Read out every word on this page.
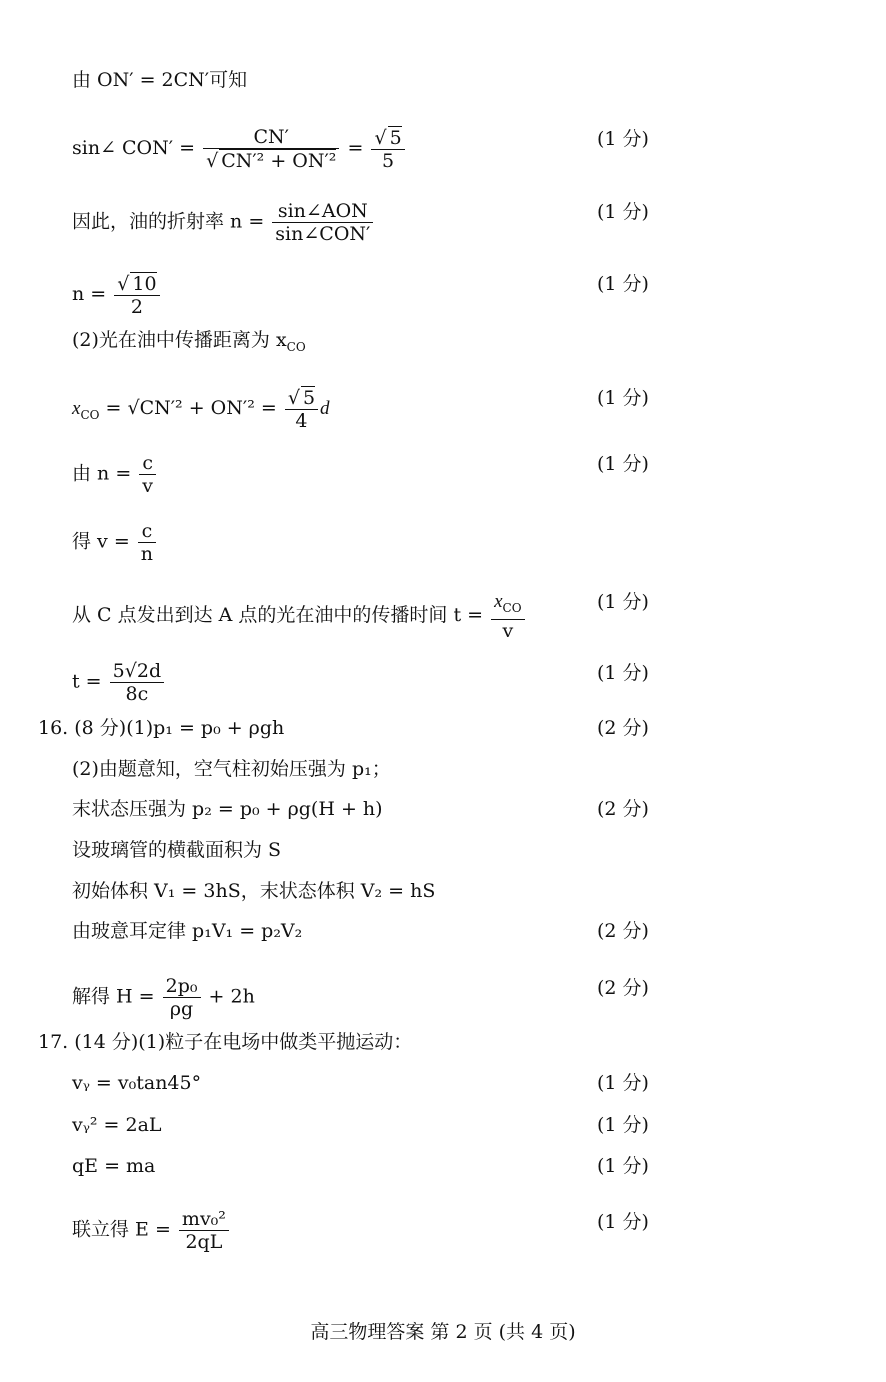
由 ON′ = 2CN′可知
sin∠ $CON' = \frac{CN'}{\text{√ CN′² + ON′²}} = \frac{√ 5}{5}$	(1 分)
因此，油的折射率 $n = \frac{\text{sin∠AON}}{\text{sin∠CON′}}$	(1 分)
$n = \frac{√ 10}{2}$	(1 分)
(2)光在油中传播距离为 $x_{CO}$
$x_{CO} = √CN'^2 + ON'^2 = \frac{√ 5}{4}$ d	(1 分)
由 $n = \frac{c}{v}$	(1 分)
得 $v = \frac{c}{n}$
从 C 点发出到达 A 点的光在油中的传播时间 $t = \frac{x_{CO}}{v}$	(1 分)
$t = \frac{5√2d}{8c}$	(1 分)
16. (8 分)(1)p₁ = p₀ + ρgh	(2 分)
(2)由题意知，空气柱初始压强为 p₁；
末状态压强为 p₂ = p₀ + ρg(H + h)	(2 分)
设玻璃管的横截面积为 S
初始体积 V₁ = 3hS，末状态体积 V₂ = hS
由玻意耳定律 p₁V₁ = p₂V₂	(2 分)
解得 $H = \frac{\text{2p₀}}{\rho g} + 2h$	(2 分)
17. (14 分)(1)粒子在电场中做类平抛运动：
vᵧ = v₀tan45°	(1 分)
vᵧ² = 2aL	(1 分)
qE = ma	(1 分)
联立得 $E = \frac{\text{mv₀²}}{2qL}$	(1 分)
高三物理答案 第 2 页 (共 4 页)
